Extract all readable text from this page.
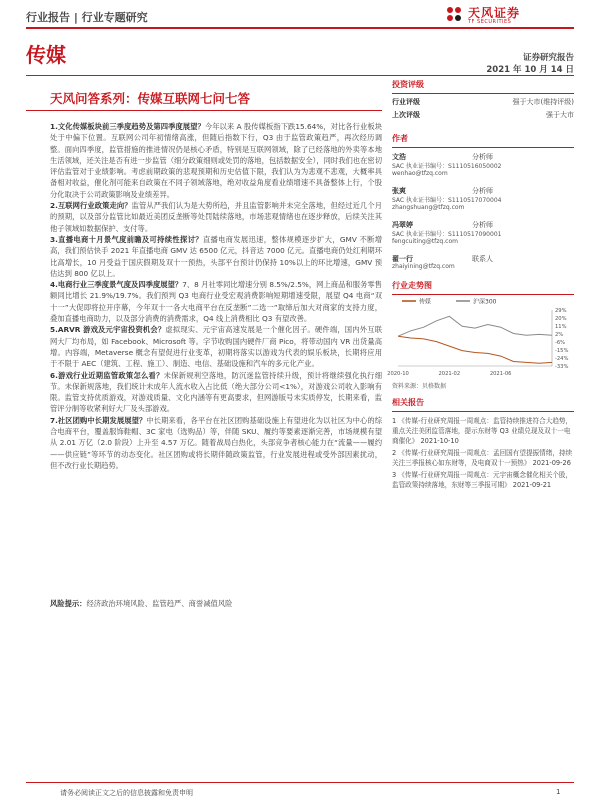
行业报告 | 行业专题研究	天风证券
TF SECURITIES
传媒	证券研究报告
2021 年 10 月 14 日
天风问答系列：传媒互联网七问七答

1.文化传媒板块前三季度趋势及第四季度展望？今年以来 A 股传媒板指下跌15.64%，对比各行业板块处于中偏下位置。互联网公司年初情绪高涨，但随后指数下行，Q3 由于监管政策趋严，再次经历调整。面向四季度，监管措施的推进情况仍是核心矛盾，特别是互联网领域，除了已经落地的外卖等本地生活领域，还关注是否有进一步监管（细分政策细则或处罚的落地，包括数据安全），同时我们也在密切评估监管对于业绩影响。考虑前期政策的悲观预期和历史估值下限，我们认为为悲观不悲观，大概率具备相对收益，催化剂可能来自政策在不同子领域落地，绝对收益角度看业绩增速不具备整体上行，个股分化取决于公司政策影响及业绩差异。

2.互联网行业政策走向？监管从严我们认为是大势所趋，并且监管影响并未完全落地，但经过近几个月的预期，以及部分监管比如最近美团反垄断等处罚陆续落地，市场悲观情绪也在逐步释放，后续关注其他子领域如数据保护、支付等。

3.直播电商十月景气度前瞻及可持续性探讨？直播电商发展迅速，整体规模逐步扩大，GMV 不断增高，我们预估快手 2021 年直播电商 GMV 达 6500 亿元，抖音达 7000 亿元。直播电商仍处红利期环比高增长，10 月受益于国庆假期及双十一预热，头部平台预计仍保持 10%以上的环比增速，GMV 预估达到 800 亿以上。

4.电商行业三季度景气度及四季度展望？7、8 月社零同比增速分别 8.5%/2.5%，网上商品和服务零售额同比增长 21.9%/19.7%。我们预判 Q3 电商行业受宏观消费影响短期增速受限，展望 Q4 电商“双十一”大促即将拉开序幕，今年双十一各大电商平台在反垄断”二选一”取缔后加大对商家的支持力度，叠加直播电商助力，以及部分消费的消费需求，Q4 线上消费相比 Q3 有望改善。

5.ARVR 游戏及元宇宙投资机会？虚拟现实、元宇宙高速发展是一个催化因子。硬件端，国内外互联网大厂均布局，如 Facebook、Microsoft 等。字节收购国内硬件厂商 Pico，将带动国内 VR 出货量高增。内容端，Metaverse 概念有望促进行业变革，初期将落实以游戏为代表的娱乐板块，长期将应用于不限于 AEC（建筑、工程、施工）、制造、电信、基础设施和汽车的多元化产业。

6.游戏行业近期监管政策怎么看？未保新规利空落地，防沉迷监管持续升级，预计将继续强化执行细节。未保新规落地，我们统计未成年人流水收入占比低（绝大部分公司<1%），对游戏公司收入影响有限。监管支持优质游戏，对游戏质量、文化内涵等有更高要求，但网游版号未实质停发，长期来看，监管评分制等收紧利好大厂及头部游戏。

7.社区团购中长期发展展望？中长期来看，各平台在社区团购基础设施上有望进化为以社区为中心的综合电商平台，覆盖服饰鞋帽、3C 家电（选购品）等，伴随 SKU、履约等要素逐渐完善，市场规模有望从 2.01 万亿（2.0 阶段）上升至 4.57 万亿。随着战局白热化，头部竞争者核心能力在“流量——履约——供应链”等环节的动态变化。社区团购或将长期伴随政策监管，行业发展进程或受外部因素扰动，但不改行业长期趋势。

风险提示：经济政治环境风险、监管趋严、商誉减值风险
投资评级
行业评级	强于大市(维持评级)
上次评级	强于大市
作者
文浩	分析师
SAC 执业证书编号：S1110516050002
wenhao@tfzq.com
张爽	分析师
SAC 执业证书编号：S1110517070004
zhangshuang@tfzq.com
冯翠婷	分析师
SAC 执业证书编号：S1110517090001
fengcuiting@tfzq.com
翟一行	联系人
zhaiyining@tfzq.com
行业走势图
传媒	沪深300
29%
20%
11%
2%
-6%
-15%
-24%
-33%
2020-10	2021-02	2021-06
资料来源：贝格数据
相关报告
1 《传媒-行业研究周报一周观点：监管持续推进符合大趋势，重点关注美团监管落地，提示东财等 Q3 业绩兑现及双十一电商催化》 2021-10-10
2 《传媒-行业研究周报一周观点：孟回国有望提振情绪，持续关注三季报核心如东财等，及电商双十一预热》 2021-09-26
3 《传媒-行业研究周报一周观点：元宇宙概念催化相关个股，监管政策持续落地，东财等三季报可期》 2021-09-21
请务必阅读正文之后的信息披露和免责申明	1
